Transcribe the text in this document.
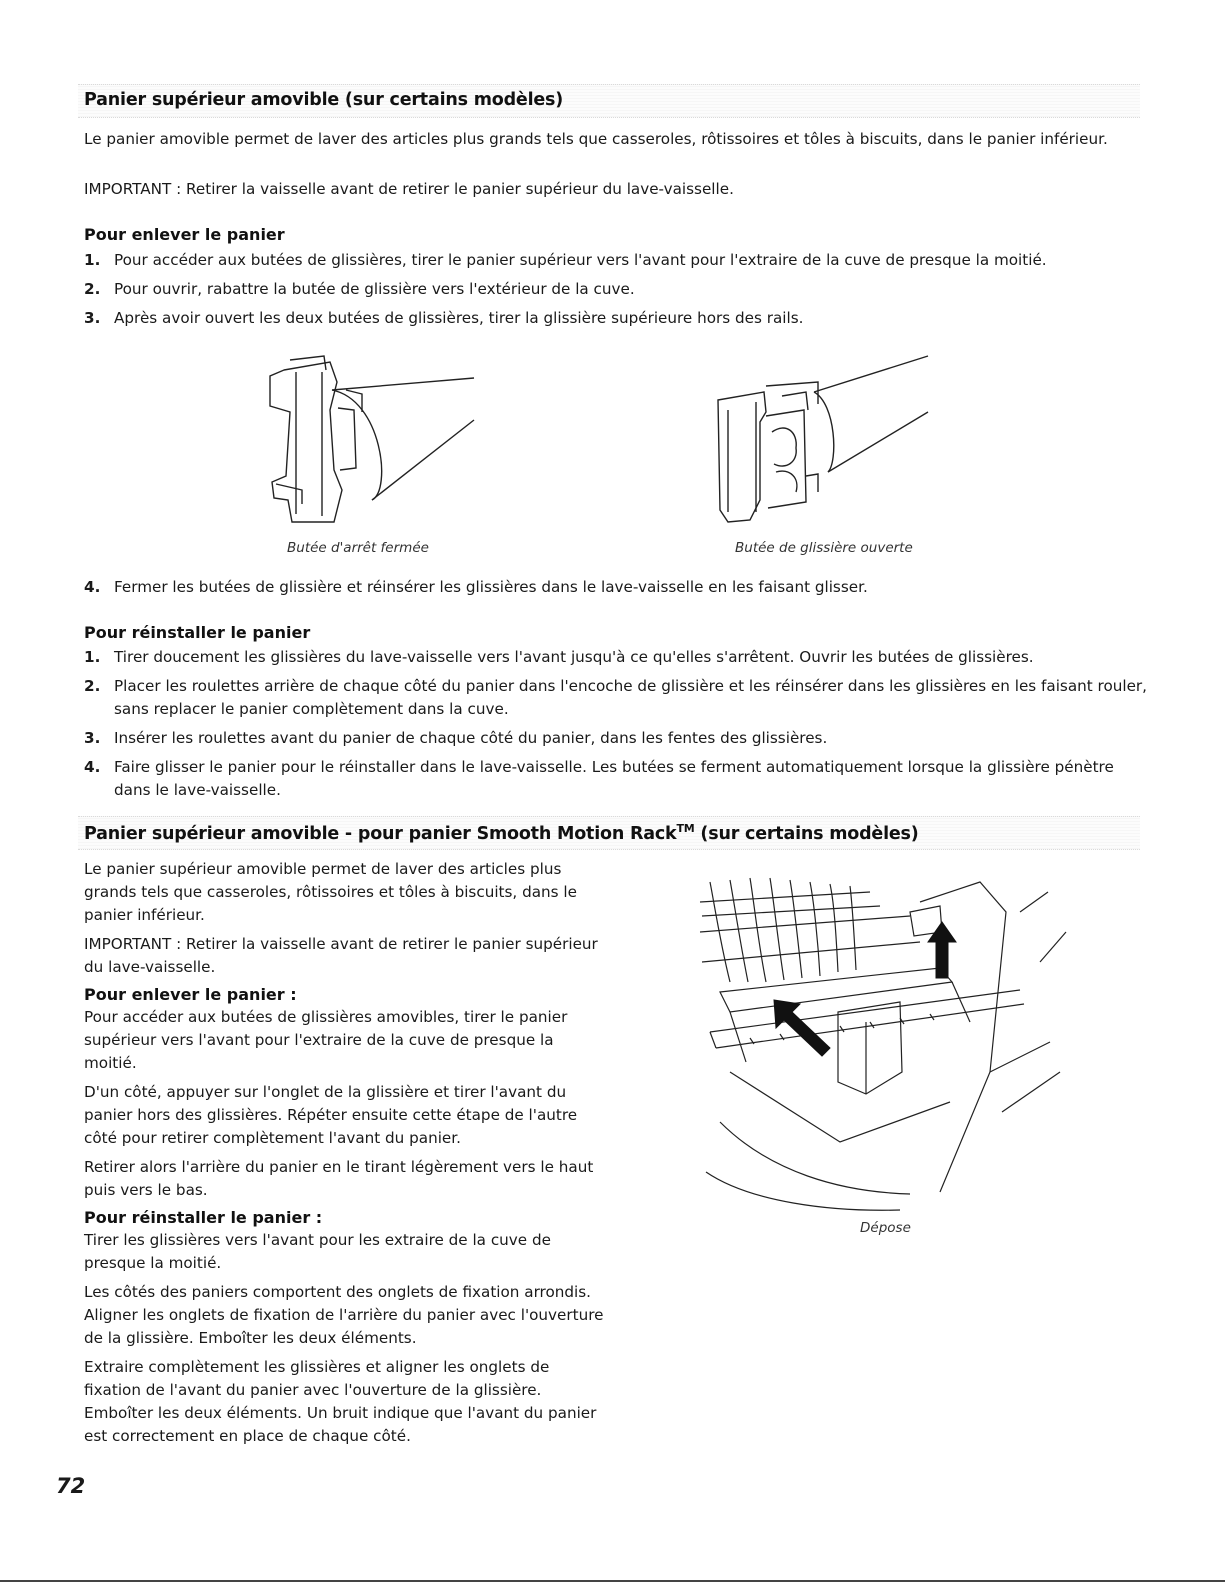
Panier supérieur amovible (sur certains modèles)

Le panier amovible permet de laver des articles plus grands tels que casseroles, rôtissoires et tôles à biscuits, dans le panier inférieur.

IMPORTANT : Retirer la vaisselle avant de retirer le panier supérieur du lave-vaisselle.

Pour enlever le panier
1. Pour accéder aux butées de glissières, tirer le panier supérieur vers l'avant pour l'extraire de la cuve de presque la moitié.
2. Pour ouvrir, rabattre la butée de glissière vers l'extérieur de la cuve.
3. Après avoir ouvert les deux butées de glissières, tirer la glissière supérieure hors des rails.
Butée d'arrêt fermée	Butée de glissière ouverte
4. Fermer les butées de glissière et réinsérer les glissières dans le lave-vaisselle en les faisant glisser.
Pour réinstaller le panier
1. Tirer doucement les glissières du lave-vaisselle vers l'avant jusqu'à ce qu'elles s'arrêtent. Ouvrir les butées de glissières.
2. Placer les roulettes arrière de chaque côté du panier dans l'encoche de glissière et les réinsérer dans les glissières en les faisant rouler, sans replacer le panier complètement dans la cuve.
3. Insérer les roulettes avant du panier de chaque côté du panier, dans les fentes des glissières.
4. Faire glisser le panier pour le réinstaller dans le lave-vaisselle. Les butées se ferment automatiquement lorsque la glissière pénètre dans le lave-vaisselle.
Panier supérieur amovible - pour panier Smooth Motion Rack™ (sur certains modèles)

Le panier supérieur amovible permet de laver des articles plus grands tels que casseroles, rôtissoires et tôles à biscuits, dans le panier inférieur.

IMPORTANT : Retirer la vaisselle avant de retirer le panier supérieur du lave-vaisselle.

Pour enlever le panier :

Pour accéder aux butées de glissières amovibles, tirer le panier supérieur vers l'avant pour l'extraire de la cuve de presque la moitié.

D'un côté, appuyer sur l'onglet de la glissière et tirer l'avant du panier hors des glissières. Répéter ensuite cette étape de l'autre côté pour retirer complètement l'avant du panier.

Retirer alors l'arrière du panier en le tirant légèrement vers le haut puis vers le bas.

Pour réinstaller le panier :

Tirer les glissières vers l'avant pour les extraire de la cuve de presque la moitié.

Les côtés des paniers comportent des onglets de fixation arrondis. Aligner les onglets de fixation de l'arrière du panier avec l'ouverture de la glissière. Emboîter les deux éléments.

Extraire complètement les glissières et aligner les onglets de fixation de l'avant du panier avec l'ouverture de la glissière. Emboîter les deux éléments. Un bruit indique que l'avant du panier est correctement en place de chaque côté.

Dépose
72
